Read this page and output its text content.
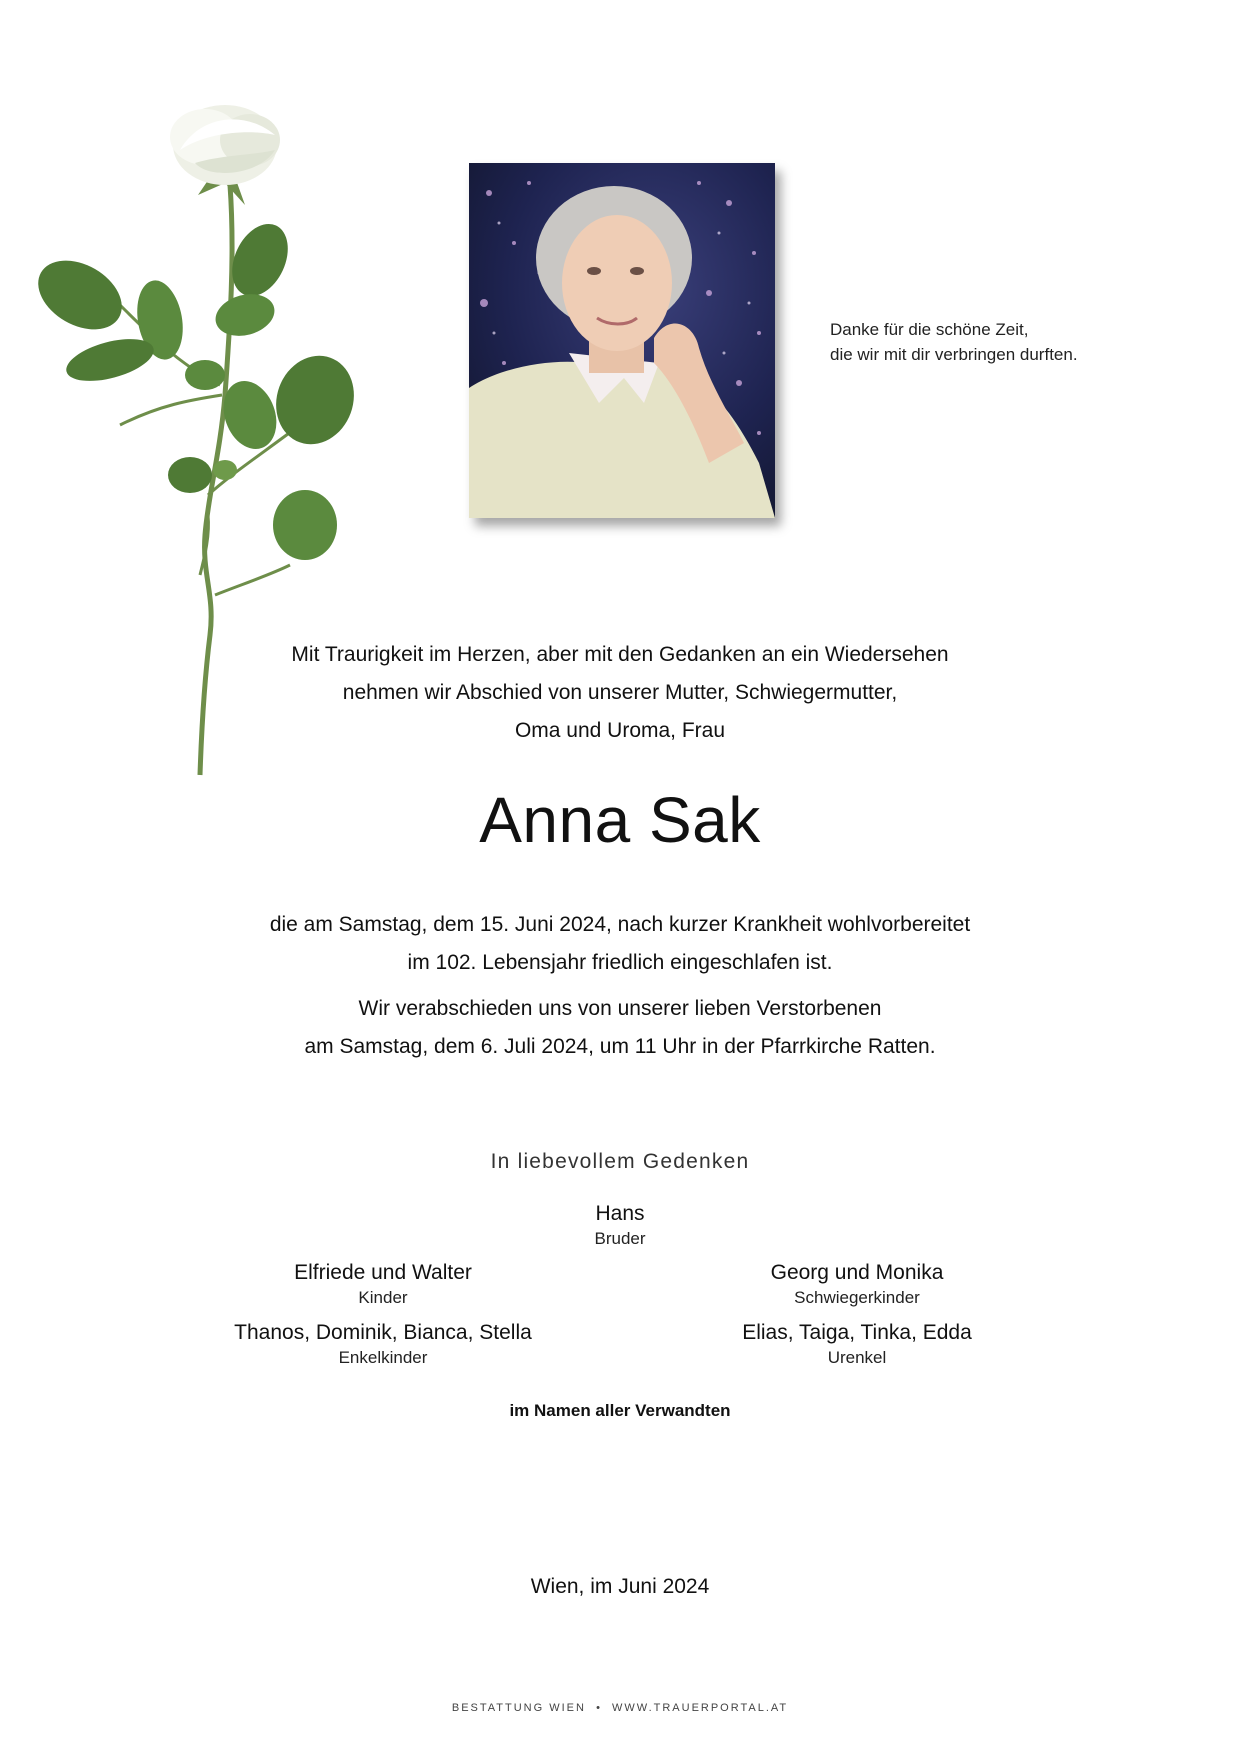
Danke für die schöne Zeit,
die wir mit dir verbringen durften.
Mit Traurigkeit im Herzen, aber mit den Gedanken an ein Wiedersehen
nehmen wir Abschied von unserer Mutter, Schwiegermutter,
Oma und Uroma, Frau
Anna Sak
die am Samstag, dem 15. Juni 2024, nach kurzer Krankheit wohlvorbereitet
im 102. Lebensjahr friedlich eingeschlafen ist.
Wir verabschieden uns von unserer lieben Verstorbenen
am Samstag, dem 6. Juli 2024, um 11 Uhr in der Pfarrkirche Ratten.
In liebevollem Gedenken
Hans
Bruder
Elfriede und Walter
Kinder
Georg und Monika
Schwiegerkinder
Thanos, Dominik, Bianca, Stella
Enkelkinder
Elias, Taiga, Tinka, Edda
Urenkel
im Namen aller Verwandten
Wien, im Juni 2024
BESTATTUNG WIEN  •  WWW.TRAUERPORTAL.AT
